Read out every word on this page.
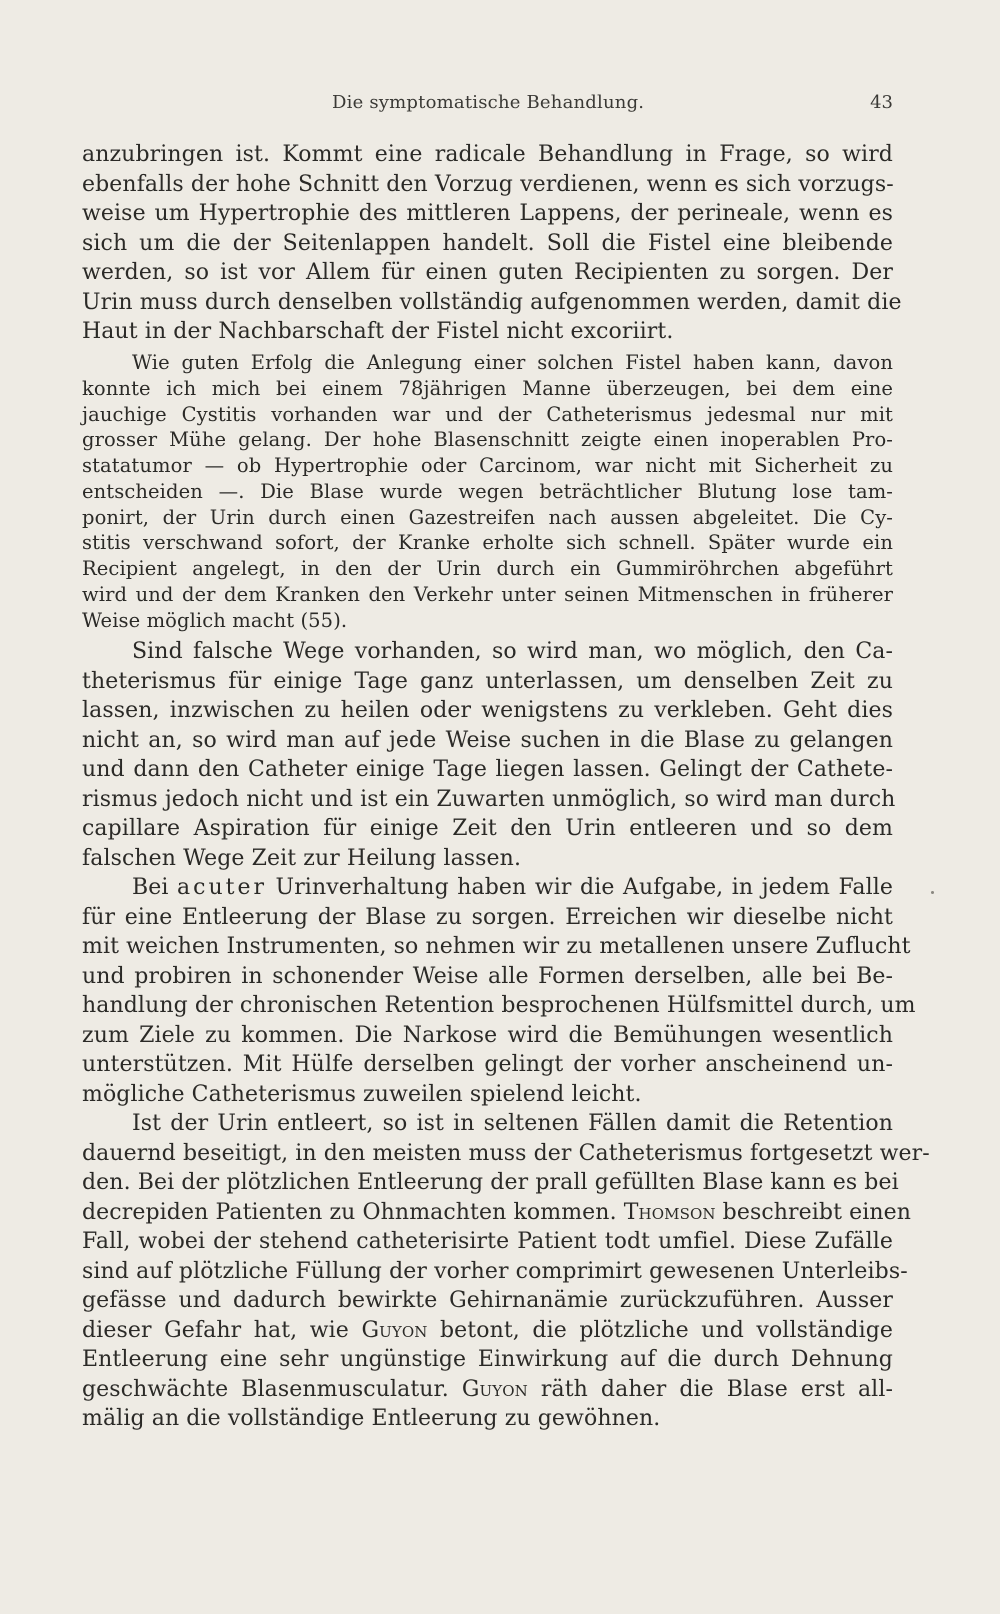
Die symptomatische Behandlung.	43
anzubringen ist. Kommt eine radicale Behandlung in Frage, so wird
ebenfalls der hohe Schnitt den Vorzug verdienen, wenn es sich vorzugs-
weise um Hypertrophie des mittleren Lappens, der perineale, wenn es
sich um die der Seitenlappen handelt. Soll die Fistel eine bleibende
werden, so ist vor Allem für einen guten Recipienten zu sorgen. Der
Urin muss durch denselben vollständig aufgenommen werden, damit die
Haut in der Nachbarschaft der Fistel nicht excoriirt.
Wie guten Erfolg die Anlegung einer solchen Fistel haben kann, davon
konnte ich mich bei einem 78jährigen Manne überzeugen, bei dem eine
jauchige Cystitis vorhanden war und der Catheterismus jedesmal nur mit
grosser Mühe gelang. Der hohe Blasenschnitt zeigte einen inoperablen Pro-
statatumor — ob Hypertrophie oder Carcinom, war nicht mit Sicherheit zu
entscheiden —. Die Blase wurde wegen beträchtlicher Blutung lose tam-
ponirt, der Urin durch einen Gazestreifen nach aussen abgeleitet. Die Cy-
stitis verschwand sofort, der Kranke erholte sich schnell. Später wurde ein
Recipient angelegt, in den der Urin durch ein Gummiröhrchen abgeführt
wird und der dem Kranken den Verkehr unter seinen Mitmenschen in früherer
Weise möglich macht (55).
Sind falsche Wege vorhanden, so wird man, wo möglich, den Ca-
theterismus für einige Tage ganz unterlassen, um denselben Zeit zu
lassen, inzwischen zu heilen oder wenigstens zu verkleben. Geht dies
nicht an, so wird man auf jede Weise suchen in die Blase zu gelangen
und dann den Catheter einige Tage liegen lassen. Gelingt der Cathete-
rismus jedoch nicht und ist ein Zuwarten unmöglich, so wird man durch
capillare Aspiration für einige Zeit den Urin entleeren und so dem
falschen Wege Zeit zur Heilung lassen.
Bei acuter Urinverhaltung haben wir die Aufgabe, in jedem Falle
für eine Entleerung der Blase zu sorgen. Erreichen wir dieselbe nicht
mit weichen Instrumenten, so nehmen wir zu metallenen unsere Zuflucht
und probiren in schonender Weise alle Formen derselben, alle bei Be-
handlung der chronischen Retention besprochenen Hülfsmittel durch, um
zum Ziele zu kommen. Die Narkose wird die Bemühungen wesentlich
unterstützen. Mit Hülfe derselben gelingt der vorher anscheinend un-
mögliche Catheterismus zuweilen spielend leicht.
Ist der Urin entleert, so ist in seltenen Fällen damit die Retention
dauernd beseitigt, in den meisten muss der Catheterismus fortgesetzt wer-
den. Bei der plötzlichen Entleerung der prall gefüllten Blase kann es bei
decrepiden Patienten zu Ohnmachten kommen. Thomson beschreibt einen
Fall, wobei der stehend catheterisirte Patient todt umfiel. Diese Zufälle
sind auf plötzliche Füllung der vorher comprimirt gewesenen Unterleibs-
gefässe und dadurch bewirkte Gehirnanämie zurückzuführen. Ausser
dieser Gefahr hat, wie Guyon betont, die plötzliche und vollständige
Entleerung eine sehr ungünstige Einwirkung auf die durch Dehnung
geschwächte Blasenmusculatur. Guyon räth daher die Blase erst all-
mälig an die vollständige Entleerung zu gewöhnen.
